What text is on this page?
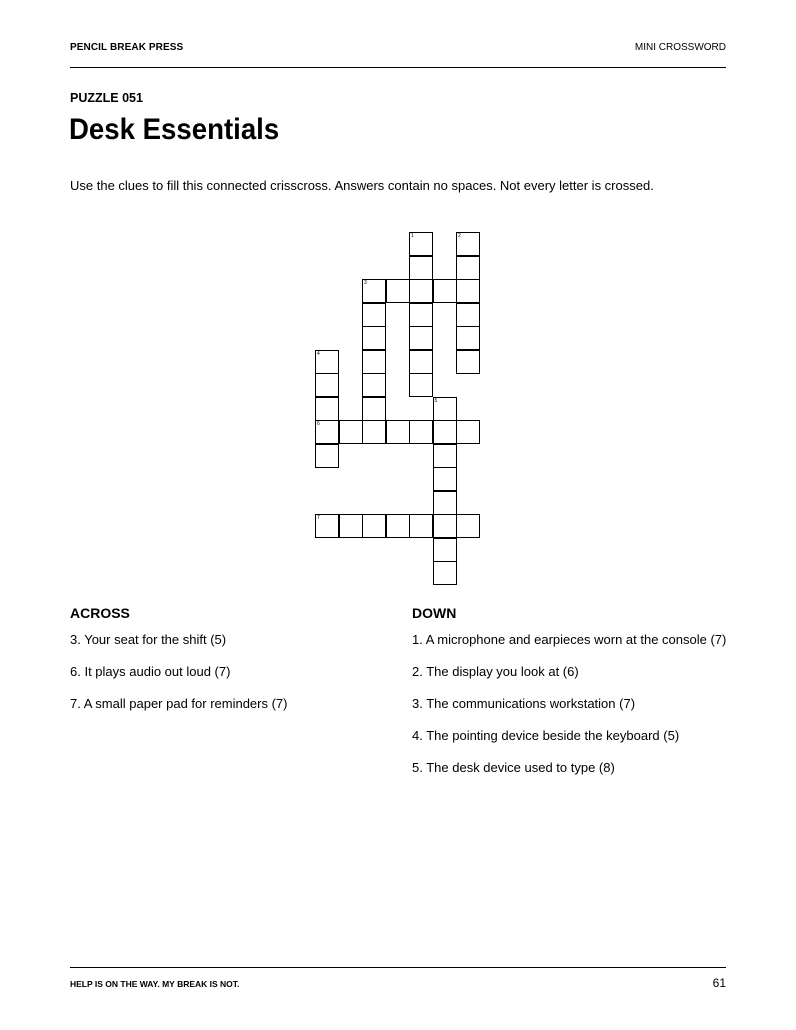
PENCIL BREAK PRESS	MINI CROSSWORD
PUZZLE 051
Desk Essentials

Use the clues to fill this connected crisscross. Answers contain no spaces. Not every letter is crossed.

1	2
3
4
6
5
7
ACROSS

3. Your seat for the shift (5)

6. It plays audio out loud (7)

7. A small paper pad for reminders (7)

DOWN

1. A microphone and earpieces worn at the console (7)

2. The display you look at (6)

3. The communications workstation (7)

4. The pointing device beside the keyboard (5)

5. The desk device used to type (8)

HELP IS ON THE WAY. MY BREAK IS NOT.	61
